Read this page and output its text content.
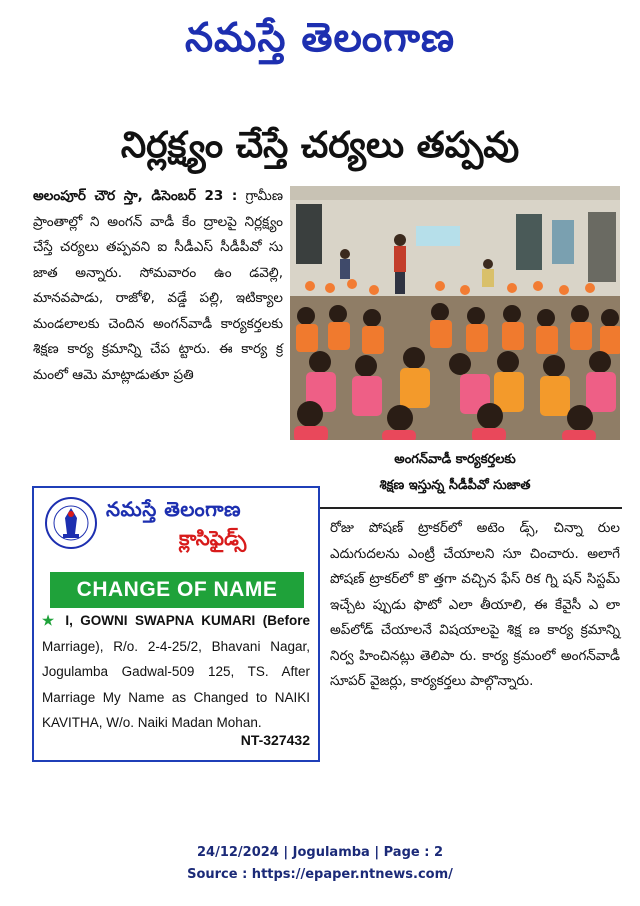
నమస్తే తెలంగాణ
నిర్లక్ష్యం చేస్తే చర్యలు తప్పవు
అలంపూర్ చౌర స్తా, డిసెంబర్ 23 : గ్రామీణ ప్రాంతాల్లో ని అంగన్ వాడీ కేం ద్రాలపై నిర్లక్ష్యం చేస్తే చర్యలు తప్పవని ఐ సీడీఎస్ సీడీపీవో సు జాత అన్నారు. సోమవారం ఉం డవెల్లి, మానవపాడు, రాజోళి, వడ్డే పల్లి, ఇటిక్యాల మండలాలకు చెందిన అంగన్‌వాడీ కార్యకర్తలకు శిక్షణ కార్య క్రమాన్ని చేప ట్టారు. ఈ కార్య క్ర మంలో ఆమె మాట్లాడుతూ ప్రతి
అంగన్‌వాడీ కార్యకర్తలకు
శిక్షణ ఇస్తున్న సీడీపీవో సుజాత
రోజు పోషణ్ ట్రాకర్‌లో అటెం డ్స్, చిన్నా రుల ఎదుగుదలను ఎంట్రీ చేయాలని సూ చించారు. అలాగే పోషణ్ ట్రాకర్‌లో కొ త్తగా వచ్చిన ఫేస్ రిక గ్ని షన్ సిస్టమ్ ఇచ్చేట ప్పుడు ఫొటో ఎలా తీయాలి, ఈ కేవైసీ ఎ లా అప్‌లోడ్ చేయాలనే విషయాలపై శిక్ష ణ కార్య క్రమాన్ని నిర్వ హించినట్లు తెలిపా రు. కార్య క్రమంలో అంగన్‌వాడీ సూపర్ వైజర్లు, కార్యకర్తలు పాల్గొన్నారు.
నమస్తే తెలంగాణ
క్లాసిఫైడ్స్
CHANGE OF NAME
★ I, GOWNI SWAPNA KUMARI (Before Marriage), R/o. 2-4-25/2, Bhavani Nagar, Jogulamba Gadwal-509 125, TS. After Marriage My Name as Changed to NAIKI KAVITHA, W/o. Naiki Madan Mohan.
NT-327432
24/12/2024 | Jogulamba | Page : 2
Source : https://epaper.ntnews.com/
